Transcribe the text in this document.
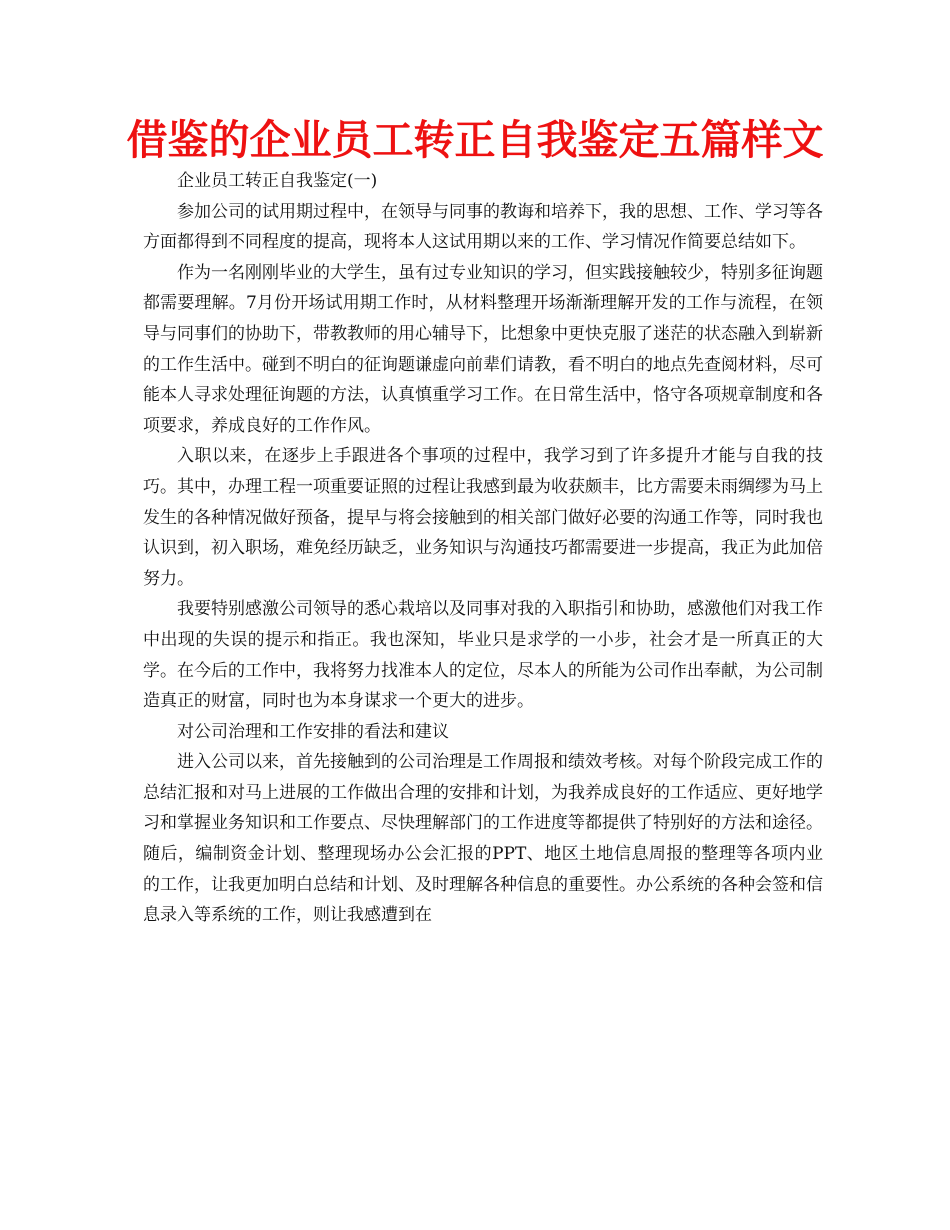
借鉴的企业员工转正自我鉴定五篇样文

企业员工转正自我鉴定(一)

参加公司的试用期过程中，在领导与同事的教诲和培养下，我的思想、工作、学习等各方面都得到不同程度的提高，现将本人这试用期以来的工作、学习情况作简要总结如下。

作为一名刚刚毕业的大学生，虽有过专业知识的学习，但实践接触较少，特别多征询题都需要理解。7月份开场试用期工作时，从材料整理开场渐渐理解开发的工作与流程，在领导与同事们的协助下，带教教师的用心辅导下，比想象中更快克服了迷茫的状态融入到崭新的工作生活中。碰到不明白的征询题谦虚向前辈们请教，看不明白的地点先查阅材料，尽可能本人寻求处理征询题的方法，认真慎重学习工作。在日常生活中，恪守各项规章制度和各项要求，养成良好的工作作风。

入职以来，在逐步上手跟进各个事项的过程中，我学习到了许多提升才能与自我的技巧。其中，办理工程一项重要证照的过程让我感到最为收获颇丰，比方需要未雨绸缪为马上发生的各种情况做好预备，提早与将会接触到的相关部门做好必要的沟通工作等，同时我也认识到，初入职场，难免经历缺乏，业务知识与沟通技巧都需要进一步提高，我正为此加倍努力。

我要特别感激公司领导的悉心栽培以及同事对我的入职指引和协助，感激他们对我工作中出现的失误的提示和指正。我也深知，毕业只是求学的一小步，社会才是一所真正的大学。在今后的工作中，我将努力找准本人的定位，尽本人的所能为公司作出奉献，为公司制造真正的财富，同时也为本身谋求一个更大的进步。

对公司治理和工作安排的看法和建议

进入公司以来，首先接触到的公司治理是工作周报和绩效考核。对每个阶段完成工作的总结汇报和对马上进展的工作做出合理的安排和计划，为我养成良好的工作适应、更好地学习和掌握业务知识和工作要点、尽快理解部门的工作进度等都提供了特别好的方法和途径。随后，编制资金计划、整理现场办公会汇报的PPT、地区土地信息周报的整理等各项内业的工作，让我更加明白总结和计划、及时理解各种信息的重要性。办公系统的各种会签和信息录入等系统的工作，则让我感遭到在
